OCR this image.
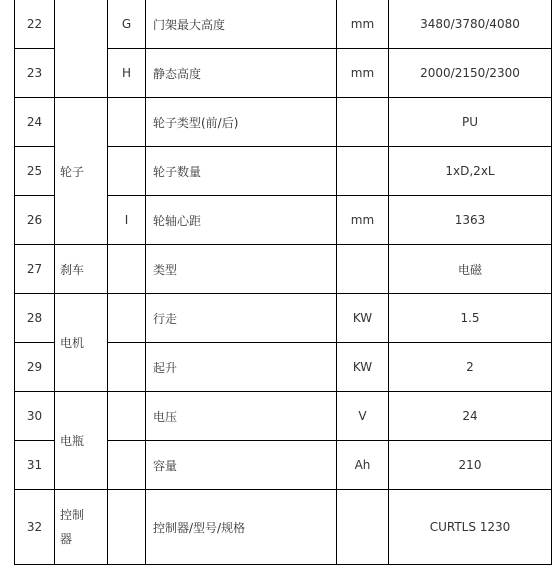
22		G	门架最大高度	mm	3480/3780/4080
23		H	静态高度	mm	2000/2150/2300
24	轮子		轮子类型(前/后)		PU
25			轮子数量		1xD,2xL
26		I	轮轴心距	mm	1363
27	刹车		类型		电磁
28	电机		行走	KW	1.5
29			起升	KW	2
30	电瓶		电压	V	24
31			容量	Ah	210
32	控制器		控制器/型号/规格		CURTLS 1230
